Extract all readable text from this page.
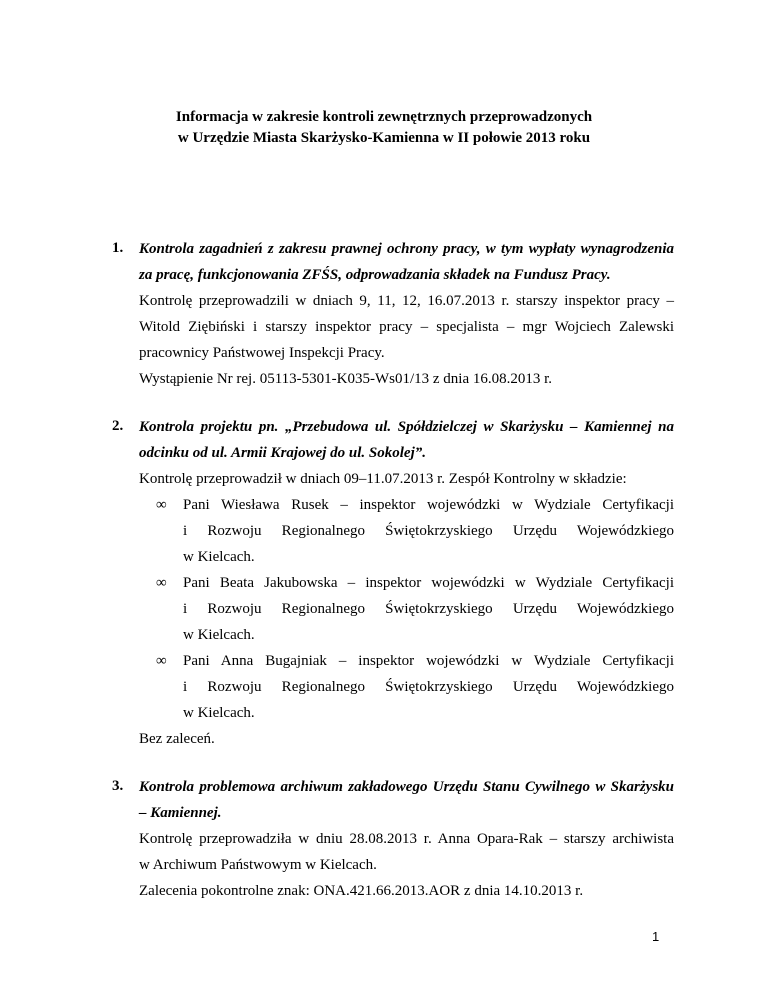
Informacja w zakresie kontroli zewnętrznych przeprowadzonych
w Urzędzie Miasta Skarżysko-Kamienna w II połowie 2013 roku
1. Kontrola zagadnień z zakresu prawnej ochrony pracy, w tym wypłaty wynagrodzenia
za pracę, funkcjonowania ZFŚS, odprowadzania składek na Fundusz Pracy.
Kontrolę przeprowadzili w dniach 9, 11, 12, 16.07.2013 r. starszy inspektor pracy –
Witold Ziębiński i starszy inspektor pracy – specjalista – mgr Wojciech Zalewski
pracownicy Państwowej Inspekcji Pracy.
Wystąpienie Nr rej. 05113-5301-K035-Ws01/13 z dnia 16.08.2013 r.
2. Kontrola projektu pn. „Przebudowa ul. Spółdzielczej w Skarżysku – Kamiennej na
odcinku od ul. Armii Krajowej do ul. Sokolej”.
Kontrolę przeprowadził w dniach 09–11.07.2013 r. Zespół Kontrolny w składzie:
∞ Pani Wiesława Rusek – inspektor wojewódzki w Wydziale Certyfikacji
i Rozwoju Regionalnego Świętokrzyskiego Urzędu Wojewódzkiego
w Kielcach.
∞ Pani Beata Jakubowska – inspektor wojewódzki w Wydziale Certyfikacji
i Rozwoju Regionalnego Świętokrzyskiego Urzędu Wojewódzkiego
w Kielcach.
∞ Pani Anna Bugajniak – inspektor wojewódzki w Wydziale Certyfikacji
i Rozwoju Regionalnego Świętokrzyskiego Urzędu Wojewódzkiego
w Kielcach.
Bez zaleceń.
3. Kontrola problemowa archiwum zakładowego Urzędu Stanu Cywilnego w Skarżysku
– Kamiennej.
Kontrolę przeprowadziła w dniu 28.08.2013 r. Anna Opara-Rak – starszy archiwista
w Archiwum Państwowym w Kielcach.
Zalecenia pokontrolne znak: ONA.421.66.2013.AOR z dnia 14.10.2013 r.
1
